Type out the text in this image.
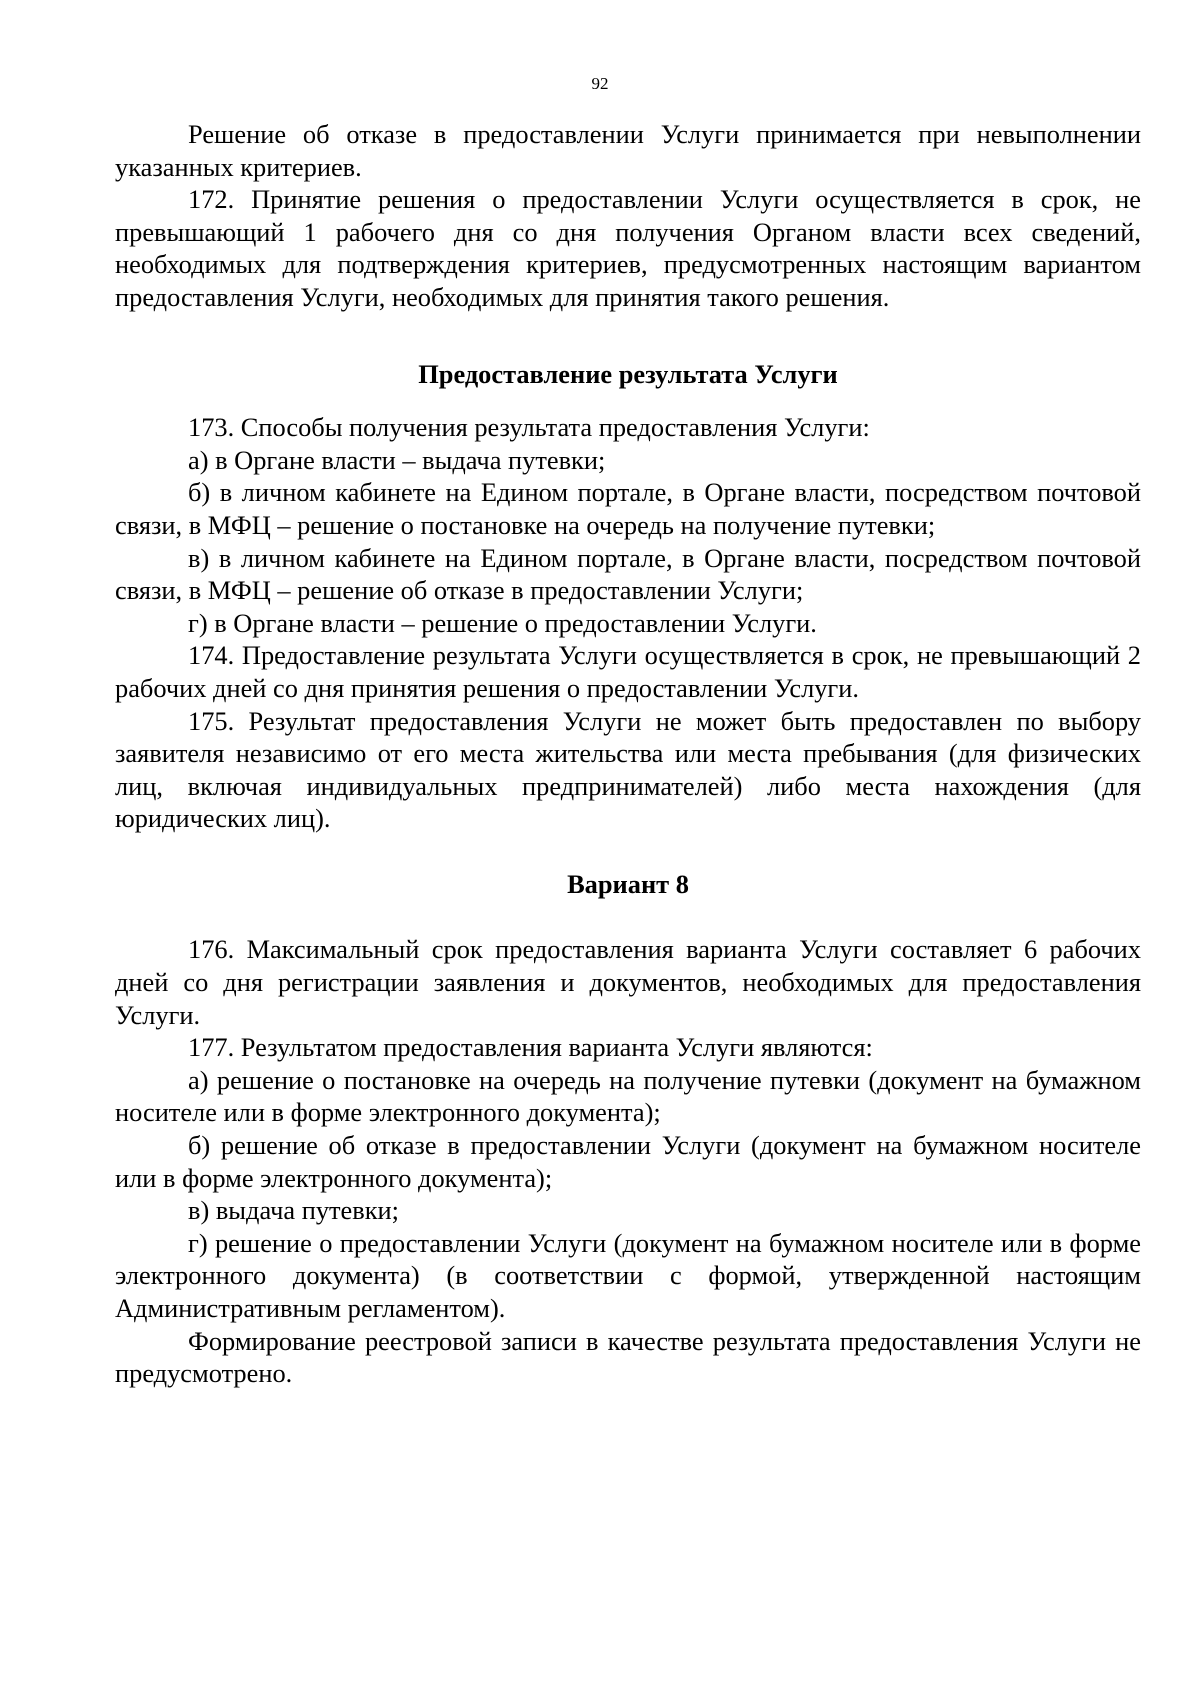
92

Решение об отказе в предоставлении Услуги принимается при невыполнении указанных критериев.

172. Принятие решения о предоставлении Услуги осуществляется в срок, не превышающий 1 рабочего дня со дня получения Органом власти всех сведений, необходимых для подтверждения критериев, предусмотренных настоящим вариантом предоставления Услуги, необходимых для принятия такого решения.

Предоставление результата Услуги

173. Способы получения результата предоставления Услуги:

а) в Органе власти – выдача путевки;

б) в личном кабинете на Едином портале, в Органе власти, посредством почтовой связи, в МФЦ – решение о постановке на очередь на получение путевки;

в) в личном кабинете на Едином портале, в Органе власти, посредством почтовой связи, в МФЦ – решение об отказе в предоставлении Услуги;

г) в Органе власти – решение о предоставлении Услуги.

174. Предоставление результата Услуги осуществляется в срок, не превышающий 2 рабочих дней со дня принятия решения о предоставлении Услуги.

175. Результат предоставления Услуги не может быть предоставлен по выбору заявителя независимо от его места жительства или места пребывания (для физических лиц, включая индивидуальных предпринимателей) либо места нахождения (для юридических лиц).

Вариант 8

176. Максимальный срок предоставления варианта Услуги составляет 6 рабочих дней со дня регистрации заявления и документов, необходимых для предоставления Услуги.

177. Результатом предоставления варианта Услуги являются:

а) решение о постановке на очередь на получение путевки (документ на бумажном носителе или в форме электронного документа);

б) решение об отказе в предоставлении Услуги (документ на бумажном носителе или в форме электронного документа);

в) выдача путевки;

г) решение о предоставлении Услуги (документ на бумажном носителе или в форме электронного документа) (в соответствии с формой, утвержденной настоящим Административным регламентом).

Формирование реестровой записи в качестве результата предоставления Услуги не предусмотрено.
